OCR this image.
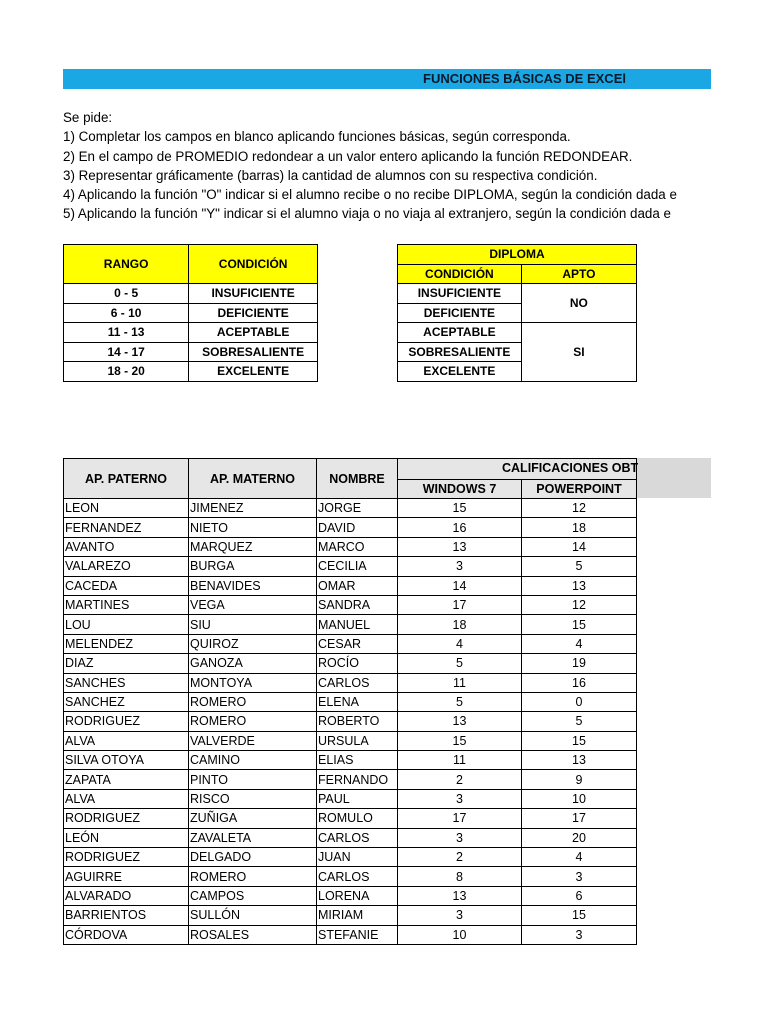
FUNCIONES BÁSICAS DE EXCEl
Se pide:
1) Completar los campos en blanco aplicando funciones básicas, según corresponda.
2) En el campo de PROMEDIO redondear a un valor entero aplicando la función REDONDEAR.
3) Representar gráficamente (barras) la cantidad de alumnos con su respectiva condición.
4) Aplicando la función "O" indicar si el alumno recibe o no recibe DIPLOMA, según la condición dada e
5) Aplicando la función "Y" indicar si el alumno viaja o no viaja al extranjero, según la condición dada e
RANGO	CONDICIÓN
0 - 5	INSUFICIENTE
6 - 10	DEFICIENTE
11 - 13	ACEPTABLE
14 - 17	SOBRESALIENTE
18 - 20	EXCELENTE
DIPLOMA	
CONDICIÓN	APTO
INSUFICIENTE	NO
DEFICIENTE	
ACEPTABLE	SI
SOBRESALIENTE	
EXCELENTE	
AP. PATERNO	AP. MATERNO	NOMBRE		
			WINDOWS 7	POWERPOINT
LEON	JIMENEZ	JORGE	15	12
FERNANDEZ	NIETO	DAVID	16	18
AVANTO	MARQUEZ	MARCO	13	14
VALAREZO	BURGA	CECILIA	3	5
CACEDA	BENAVIDES	OMAR	14	13
MARTINES	VEGA	SANDRA	17	12
LOU	SIU	MANUEL	18	15
MELENDEZ	QUIROZ	CESAR	4	4
DIAZ	GANOZA	ROCÍO	5	19
SANCHES	MONTOYA	CARLOS	11	16
SANCHEZ	ROMERO	ELENA	5	0
RODRIGUEZ	ROMERO	ROBERTO	13	5
ALVA	VALVERDE	URSULA	15	15
SILVA OTOYA	CAMINO	ELIAS	11	13
ZAPATA	PINTO	FERNANDO	2	9
ALVA	RISCO	PAUL	3	10
RODRIGUEZ	ZUÑIGA	ROMULO	17	17
LEÓN	ZAVALETA	CARLOS	3	20
RODRIGUEZ	DELGADO	JUAN	2	4
AGUIRRE	ROMERO	CARLOS	8	3
ALVARADO	CAMPOS	LORENA	13	6
BARRIENTOS	SULLÓN	MIRIAM	3	15
CÓRDOVA	ROSALES	STEFANIE	10	3
CALIFICACIONES OBT
